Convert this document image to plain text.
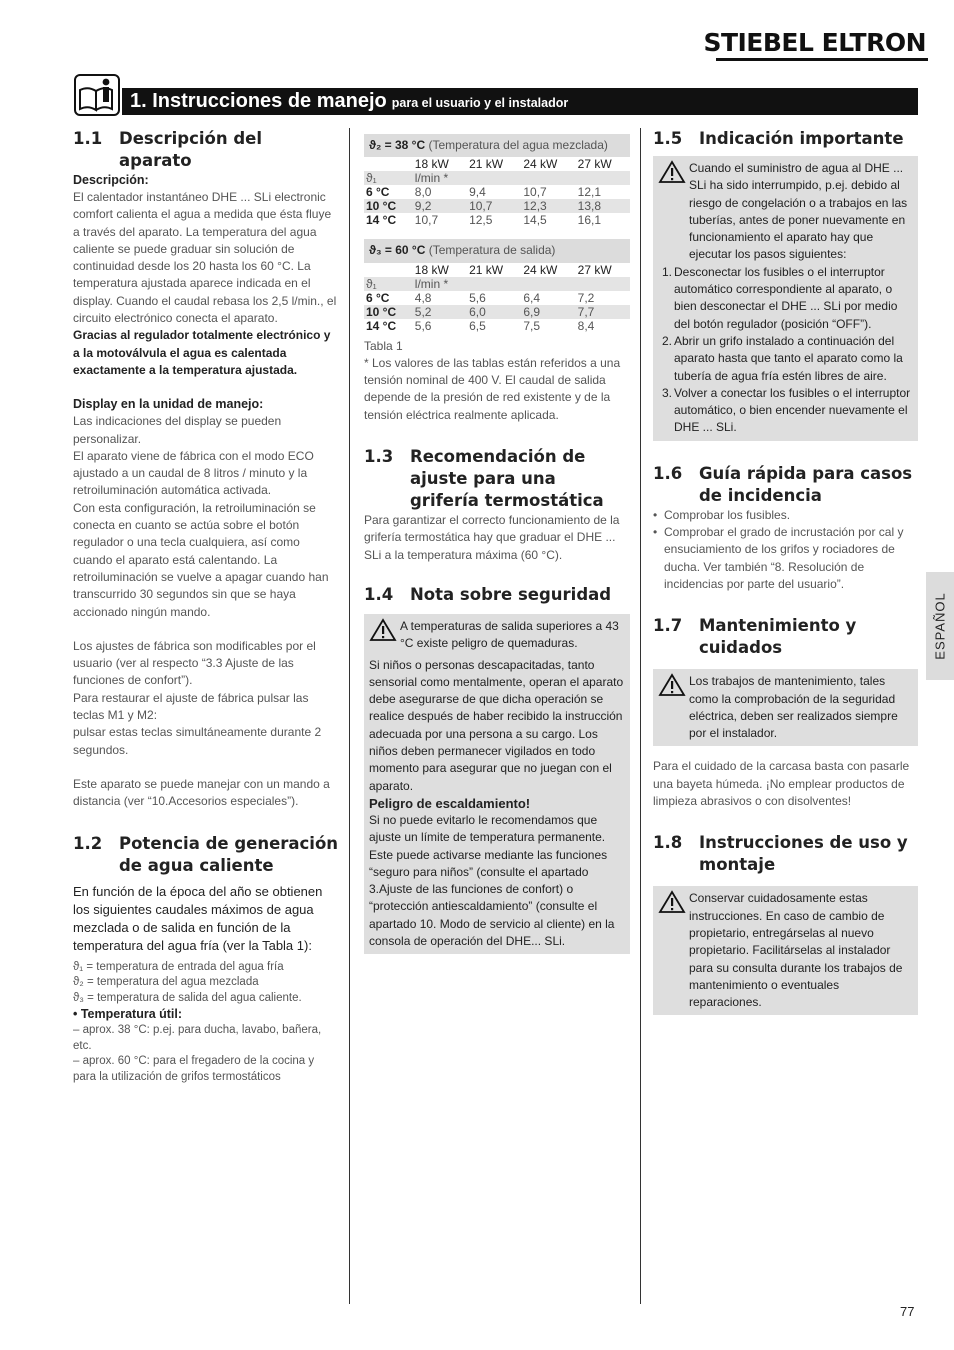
STIEBEL ELTRON
1. Instrucciones de manejo para el usuario y el instalador
1.1	Descripción del aparato
Descripción:

El calentador instantáneo DHE ... SLi electronic comfort calienta el agua a medida que ésta fluye a través del aparato. La temperatura del agua caliente se puede graduar sin solución de continuidad desde los 20 hasta los 60 °C. La temperatura ajustada aparece indicada en el display. Cuando el caudal rebasa los 2,5 l/min., el circuito electrónico conecta el aparato.

Gracias al regulador totalmente electrónico y a la motoválvula el agua es calentada exactamente a la temperatura ajustada.

Display en la unidad de manejo:

Las indicaciones del display se pueden personalizar.

El aparato viene de fábrica con el modo ECO ajustado a un caudal de 8 litros / minuto y la retroiluminación automática activada.

Con esta configuración, la retroiluminación se conecta en cuanto se actúa sobre el botón regulador o una tecla cualquiera, así como cuando el aparato está calentando. La retroiluminación se vuelve a apagar cuando han transcurrido 30 segundos sin que se haya accionado ningún mando.

Los ajustes de fábrica son modificables por el usuario (ver al respecto “3.3 Ajuste de las funciones de confort”).

Para restaurar el ajuste de fábrica pulsar las teclas M1 y M2:

pulsar estas teclas simultáneamente durante 2 segundos.

Este aparato se puede manejar con un mando a distancia (ver “10.Accesorios especiales”).

1.2	Potencia de generación de agua caliente

En función de la época del año se obtienen los siguientes caudales máximos de agua mezclada o de salida en función de la temperatura del agua fría (ver la Tabla 1):

ϑ₁ = temperatura de entrada del agua fría
ϑ₂ = temperatura del agua mezclada
ϑ₃ = temperatura de salida del agua caliente.
• Temperatura útil:
– aprox. 38 °C: p.ej. para ducha, lavabo, bañera, etc.
– aprox. 60 °C: para el fregadero de la cocina y para la utilización de grifos termostáticos
ϑ₂ = 38 °C (Temperatura del agua mezclada)
	18 kW	21 kW	24 kW	27 kW
ϑ₁	l/min *			
6 °C	8,0	9,4	10,7	12,1
10 °C	9,2	10,7	12,3	13,8
14 °C	10,7	12,5	14,5	16,1
ϑ₃ = 60 °C (Temperatura de salida)
	18 kW	21 kW	24 kW	27 kW
ϑ₁	l/min *			
6 °C	4,8	5,6	6,4	7,2
10 °C	5,2	6,0	6,9	7,7
14 °C	5,6	6,5	7,5	8,4

Tabla 1

* Los valores de las tablas están referidos a una tensión nominal de 400 V. El caudal de salida depende de la presión de red existente y de la tensión eléctrica realmente aplicada.

1.3	Recomendación de ajuste para una grifería termostática

Para garantizar el correcto funcionamiento de la grifería termostática hay que graduar el DHE ... SLi a la temperatura máxima (60 °C).

1.4	Nota sobre seguridad

A temperaturas de salida superiores a 43 °C existe peligro de quemaduras.

Si niños o personas descapacitadas, tanto sensorial como mentalmente, operan el aparato debe asegurarse de que dicha operación se realice después de haber recibido la instrucción adecuada por una persona a su cargo. Los niños deben permanecer vigilados en todo momento para asegurar que no juegan con el aparato.

Peligro de escaldamiento!

Si no puede evitarlo le recomendamos que ajuste un límite de temperatura permanente. Este puede activarse mediante las funciones “seguro para niños” (consulte el apartado 3.Ajuste de las funciones de confort) o “protección antiescaldamiento” (consulte el apartado 10. Modo de servicio al cliente) en la consola de operación del DHE... SLi.

1.5	Indicación importante

Cuando el suministro de agua al DHE ... SLi ha sido interrumpido, p.ej. debido al riesgo de congelación o a trabajos en las tuberías, antes de poner nuevamente en funcionamiento el aparato hay que ejecutar los pasos siguientes:

1. Desconectar los fusibles o el interruptor automático correspondiente al aparato, o bien desconectar el DHE ... SLi por medio del botón regulador (posición “OFF”).
2. Abrir un grifo instalado a continuación del aparato hasta que tanto el aparato como la tubería de agua fría estén libres de aire.
3. Volver a conectar los fusibles o el interruptor automático, o bien encender nuevamente el DHE ... SLi.
1.6	Guía rápida para casos de incidencia
• Comprobar los fusibles.
• Comprobar el grado de incrustación por cal y ensuciamiento de los grifos y rociadores de ducha. Ver también “8. Resolución de incidencias por parte del usuario”.
1.7	Mantenimiento y cuidados

Los trabajos de mantenimiento, tales como la comprobación de la seguridad eléctrica, deben ser realizados siempre por el instalador.

Para el cuidado de la carcasa basta con pasarle una bayeta húmeda. ¡No emplear productos de limpieza abrasivos o con disolventes!

1.8	Instrucciones de uso y montaje

Conservar cuidadosamente estas instrucciones. En caso de cambio de propietario, entregárselas al nuevo propietario. Facilitárselas al instalador para su consulta durante los trabajos de mantenimiento o eventuales reparaciones.

ESPAÑOL
77
